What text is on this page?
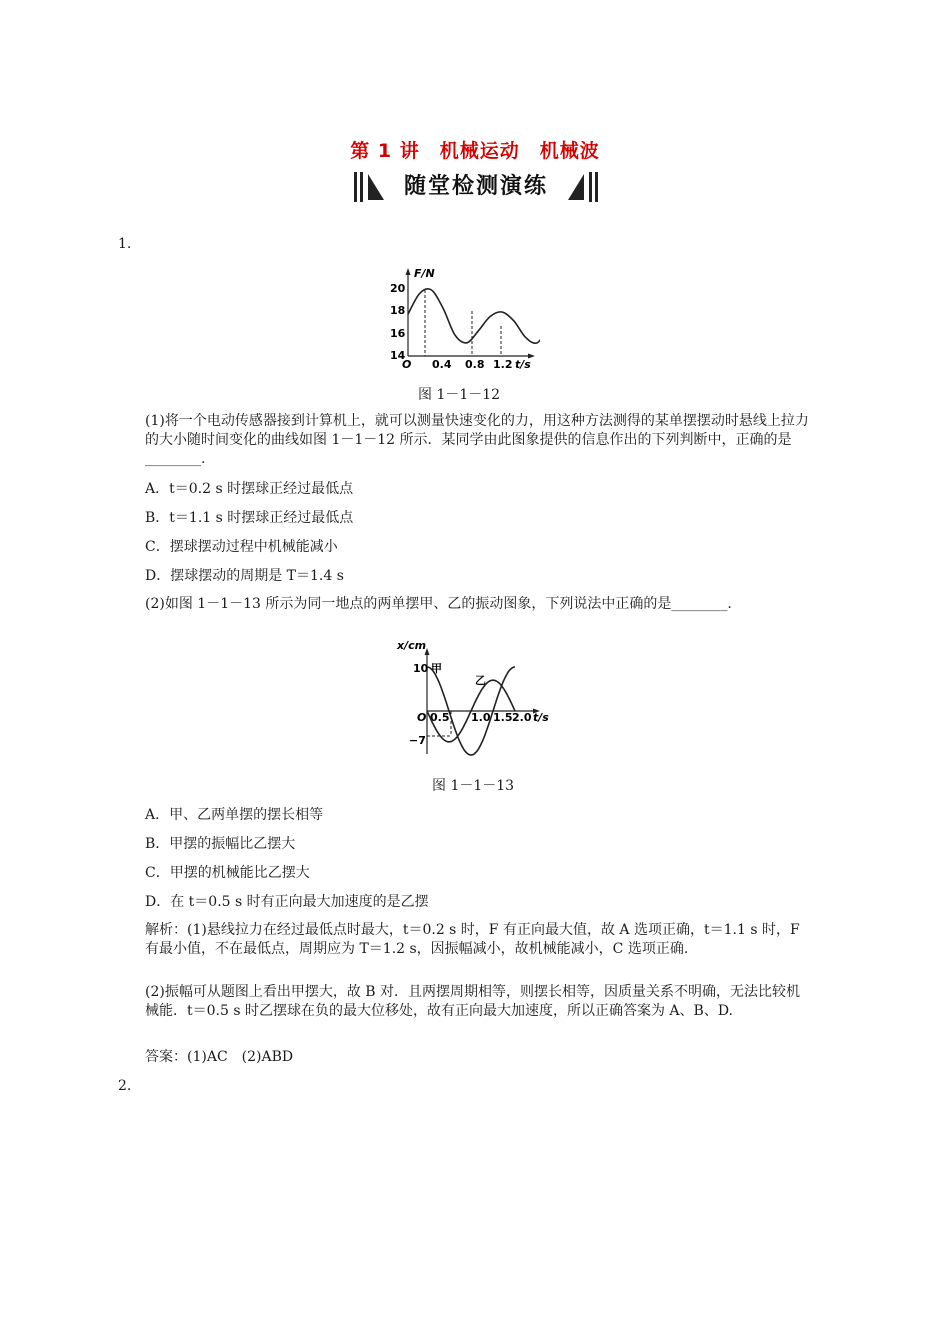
第 1 讲　机械运动　机械波
随堂检测演练
1.
F/N
20
18
16
14
O 0.4 0.8 1.2 t/s
图 1－1－12
(1)将一个电动传感器接到计算机上，就可以测量快速变化的力，用这种方法测得的某单摆摆动时悬线上拉力的大小随时间变化的曲线如图 1－1－12 所示．某同学由此图象提供的信息作出的下列判断中，正确的是________.
A．t＝0.2 s 时摆球正经过最低点
B．t＝1.1 s 时摆球正经过最低点
C．摆球摆动过程中机械能减小
D．摆球摆动的周期是 T＝1.4 s
(2)如图 1－1－13 所示为同一地点的两单摆甲、乙的振动图象，下列说法中正确的是________.
x/cm
10
−7
O 0.5 1.0 1.5 2.0 t/s
甲
乙
图 1－1－13
A．甲、乙两单摆的摆长相等
B．甲摆的振幅比乙摆大
C．甲摆的机械能比乙摆大
D．在 t＝0.5 s 时有正向最大加速度的是乙摆
解析：(1)悬线拉力在经过最低点时最大，t＝0.2 s 时，F 有正向最大值，故 A 选项正确，t＝1.1 s 时，F 有最小值，不在最低点，周期应为 T＝1.2 s，因振幅减小，故机械能减小，C 选项正确.
(2)振幅可从题图上看出甲摆大，故 B 对．且两摆周期相等，则摆长相等，因质量关系不明确，无法比较机械能．t＝0.5 s 时乙摆球在负的最大位移处，故有正向最大加速度，所以正确答案为 A、B、D.
答案：(1)AC　(2)ABD
2.
